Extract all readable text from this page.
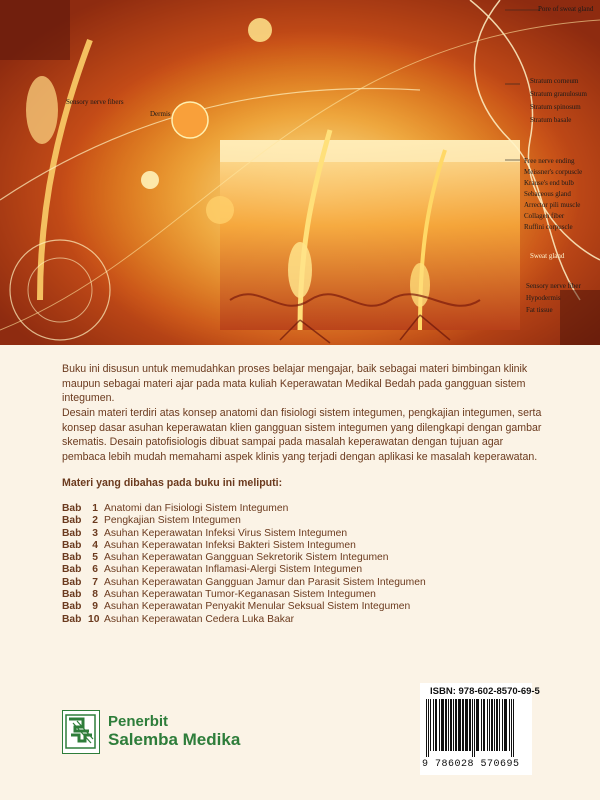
Sensory nerve fibers
Dermis
Pore of sweat gland
Stratum corneum
Stratum granulosum
Stratum spinosum
Stratum basale
Free nerve ending
Meissner's corpuscle
Krause's end bulb
Sebaceous gland
Arrector pili muscle
Collagen fiber
Ruffini corpuscle
Sweat gland
Sensory nerve fiber
Hypodermis
Fat tissue
Buku ini disusun untuk memudahkan proses belajar mengajar, baik sebagai materi bimbingan klinik maupun sebagai materi ajar pada mata kuliah Keperawatan Medikal Bedah pada gangguan sistem integumen.
Desain materi terdiri atas konsep anatomi dan fisiologi sistem integumen, pengkajian integumen, serta konsep dasar asuhan keperawatan klien gangguan sistem integumen yang dilengkapi dengan gambar skematis. Desain patofisiologis dibuat sampai pada masalah keperawatan dengan tujuan agar pembaca lebih mudah memahami aspek klinis yang terjadi dengan aplikasi ke masalah keperawatan.
Materi yang dibahas pada buku ini meliputi:
Bab 1 Anatomi dan Fisiologi Sistem Integumen
Bab 2 Pengkajian Sistem Integumen
Bab 3 Asuhan Keperawatan Infeksi Virus Sistem Integumen
Bab 4 Asuhan Keperawatan Infeksi Bakteri Sistem Integumen
Bab 5 Asuhan Keperawatan Gangguan Sekretorik Sistem Integumen
Bab 6 Asuhan Keperawatan Inflamasi-Alergi Sistem Integumen
Bab 7 Asuhan Keperawatan Gangguan Jamur dan Parasit Sistem Integumen
Bab 8 Asuhan Keperawatan Tumor-Keganasan Sistem Integumen
Bab 9 Asuhan Keperawatan Penyakit Menular Seksual Sistem Integumen
Bab 10 Asuhan Keperawatan Cedera Luka Bakar
Penerbit
Salemba Medika
ISBN: 978-602-8570-69-5
9 786028 570695
